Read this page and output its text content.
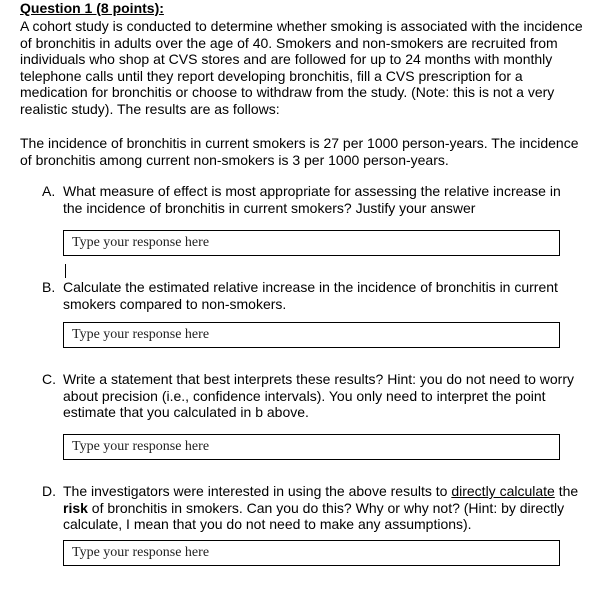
Question 1 (8 points):
A cohort study is conducted to determine whether smoking is associated with the incidence of bronchitis in adults over the age of 40. Smokers and non-smokers are recruited from individuals who shop at CVS stores and are followed for up to 24 months with monthly telephone calls until they report developing bronchitis, fill a CVS prescription for a medication for bronchitis or choose to withdraw from the study. (Note: this is not a very realistic study). The results are as follows:
The incidence of bronchitis in current smokers is 27 per 1000 person-years. The incidence of bronchitis among current non-smokers is 3 per 1000 person-years.
A. What measure of effect is most appropriate for assessing the relative increase in the incidence of bronchitis in current smokers? Justify your answer
Type your response here
B. Calculate the estimated relative increase in the incidence of bronchitis in current smokers compared to non-smokers.
Type your response here
C. Write a statement that best interprets these results? Hint: you do not need to worry about precision (i.e., confidence intervals). You only need to interpret the point estimate that you calculated in b above.
Type your response here
D. The investigators were interested in using the above results to directly calculate the risk of bronchitis in smokers. Can you do this? Why or why not? (Hint: by directly calculate, I mean that you do not need to make any assumptions).
Type your response here
